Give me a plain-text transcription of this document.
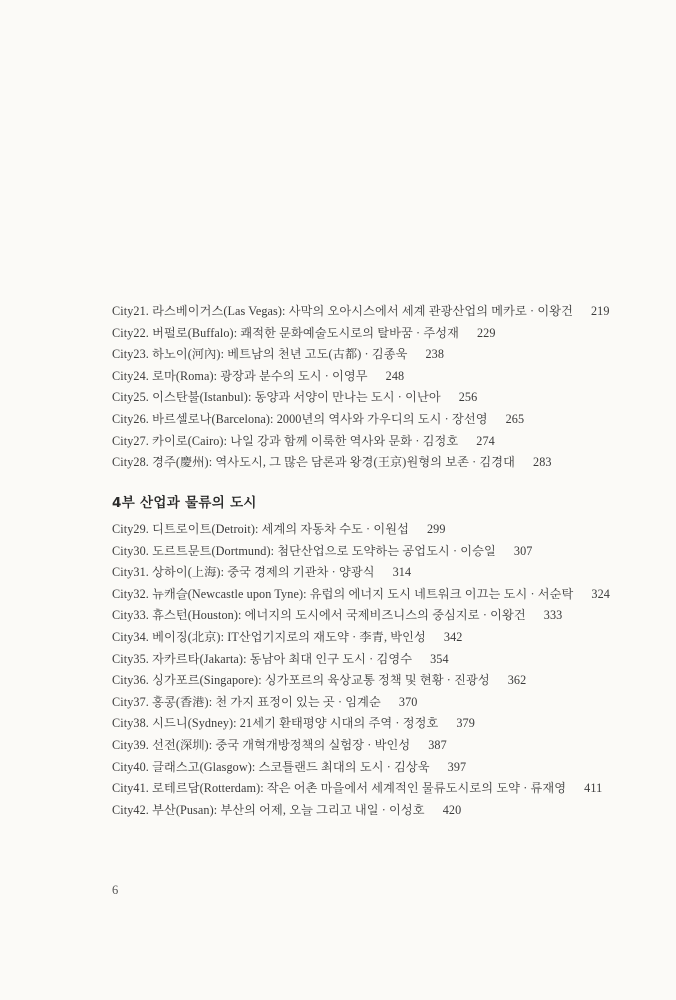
City21. 라스베이거스(Las Vegas): 사막의 오아시스에서 세계 관광산업의 메카로 · 이왕건 219
City22. 버펄로(Buffalo): 쾌적한 문화예술도시로의 탈바꿈 · 주성재 229
City23. 하노이(河內): 베트남의 천년 고도(古都) · 김종욱 238
City24. 로마(Roma): 광장과 분수의 도시 · 이영무 248
City25. 이스탄불(Istanbul): 동양과 서양이 만나는 도시 · 이난아 256
City26. 바르셀로나(Barcelona): 2000년의 역사와 가우디의 도시 · 장선영 265
City27. 카이로(Cairo): 나일 강과 함께 이룩한 역사와 문화 · 김정호 274
City28. 경주(慶州): 역사도시, 그 많은 담론과 왕경(王京)원형의 보존 · 김경대 283
4부 산업과 물류의 도시
City29. 디트로이트(Detroit): 세계의 자동차 수도 · 이원섭 299
City30. 도르트문트(Dortmund): 첨단산업으로 도약하는 공업도시 · 이승일 307
City31. 상하이(上海): 중국 경제의 기관차 · 양광식 314
City32. 뉴캐슬(Newcastle upon Tyne): 유럽의 에너지 도시 네트워크 이끄는 도시 · 서순탁 324
City33. 휴스턴(Houston): 에너지의 도시에서 국제비즈니스의 중심지로 · 이왕건 333
City34. 베이징(北京): IT산업기지로의 재도약 · 李青, 박인성 342
City35. 자카르타(Jakarta): 동남아 최대 인구 도시 · 김영수 354
City36. 싱가포르(Singapore): 싱가포르의 육상교통 정책 및 현황 · 진광성 362
City37. 홍콩(香港): 천 가지 표정이 있는 곳 · 임계순 370
City38. 시드니(Sydney): 21세기 환태평양 시대의 주역 · 정정호 379
City39. 선전(深圳): 중국 개혁개방정책의 실험장 · 박인성 387
City40. 글래스고(Glasgow): 스코틀랜드 최대의 도시 · 김상욱 397
City41. 로테르담(Rotterdam): 작은 어촌 마을에서 세계적인 물류도시로의 도약 · 류재영 411
City42. 부산(Pusan): 부산의 어제, 오늘 그리고 내일 · 이성호 420
6
